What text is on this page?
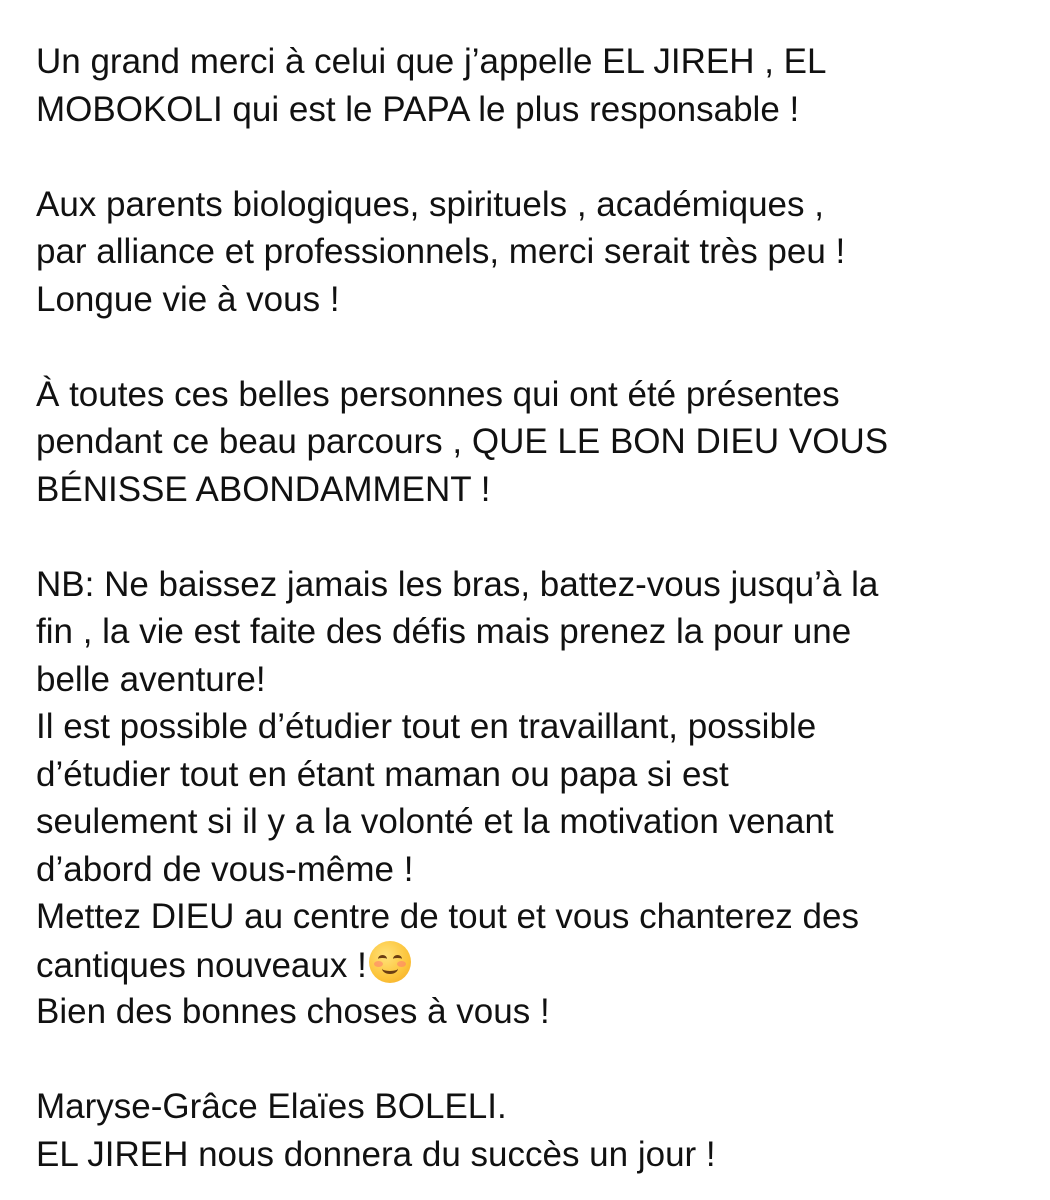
Un grand merci à celui que j’appelle EL JIREH , EL
MOBOKOLI qui est le PAPA le plus responsable !
Aux parents biologiques, spirituels , académiques ,
par alliance et professionnels, merci serait très peu !
Longue vie à vous !
À toutes ces belles personnes qui ont été présentes
pendant ce beau parcours , QUE LE BON DIEU VOUS
BÉNISSE ABONDAMMENT !
NB: Ne baissez jamais les bras, battez-vous jusqu’à la
fin , la vie est faite des défis mais prenez la pour une
belle aventure!
Il est possible d’étudier tout en travaillant, possible
d’étudier tout en étant maman ou papa si est
seulement si il y a la volonté et la motivation venant
d’abord de vous-même !
Mettez DIEU au centre de tout et vous chanterez des
cantiques nouveaux !
Bien des bonnes choses à vous !
Maryse-Grâce Elaïes BOLELI.
EL JIREH nous donnera du succès un jour !
